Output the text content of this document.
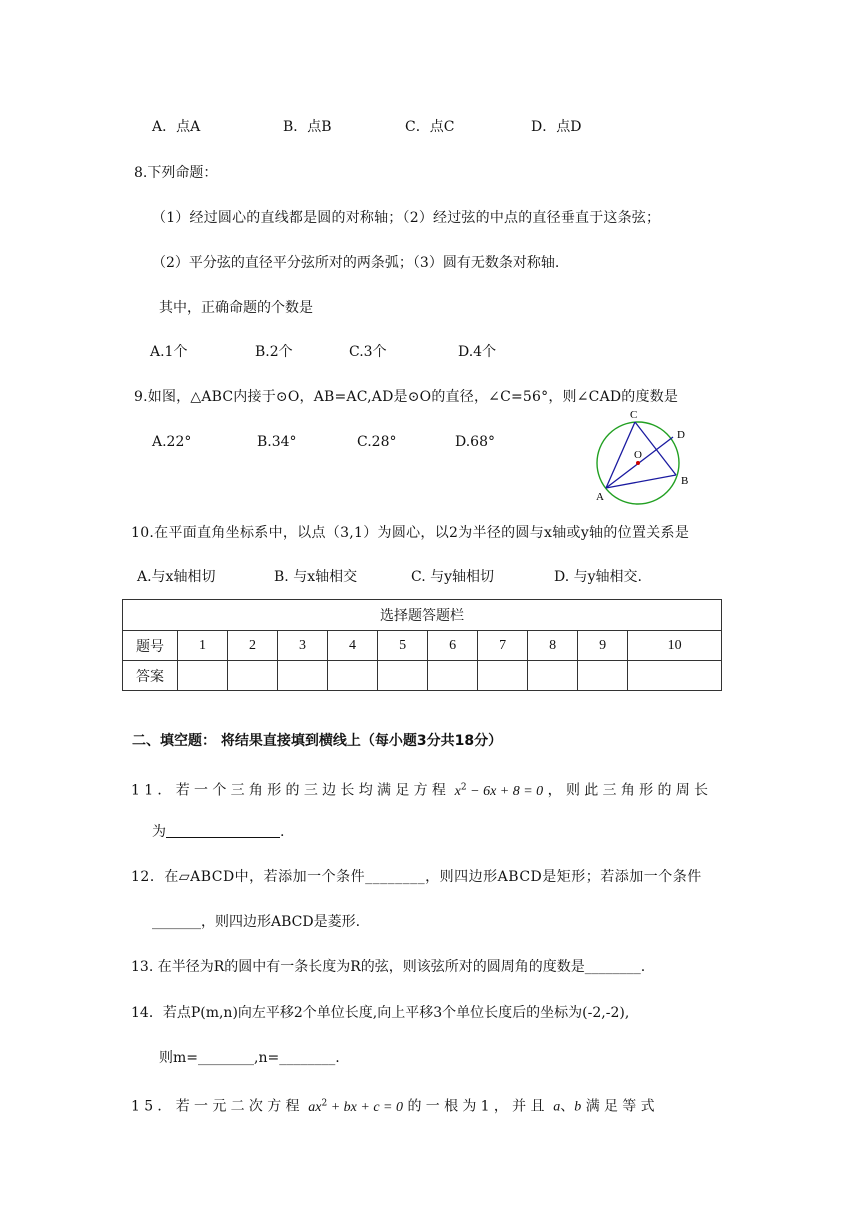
A．点A	B．点B	C．点C	D．点D
8.下列命题：
（1）经过圆心的直线都是圆的对称轴；（2）经过弦的中点的直径垂直于这条弦；
（2）平分弦的直径平分弦所对的两条弧；（3）圆有无数条对称轴.
其中，正确命题的个数是
A.1个	B.2个	C.3个	D.4个
9.如图，△ABC内接于⊙O，AB=AC,AD是⊙O的直径，∠C=56°，则∠CAD的度数是
A.22°	B.34°	C.28°	D.68°
C
D
O
A
B
10.在平面直角坐标系中，以点（3,1）为圆心，以2为半径的圆与x轴或y轴的位置关系是
A.与x轴相切	B. 与x轴相交	C. 与y轴相切	D. 与y轴相交.
选择题答题栏										
题号	1	2	3	4	5	6	7	8	9	10
答案										
二、填空题： 将结果直接填到横线上（每小题3分共18分）
11．若一个三角形的三边长均满足方程 $x^2 - 6x + 8 = 0$ ，则此三角形的周长
为	.
12．在▱ABCD中，若添加一个条件________，则四边形ABCD是矩形；若添加一个条件
_______，则四边形ABCD是菱形.
13. 在半径为R的圆中有一条长度为R的弦，则该弦所对的圆周角的度数是________.
14．若点P(m,n)向左平移2个单位长度,向上平移3个单位长度后的坐标为(-2,-2),
则m=________,n=________.
15．若一元二次方程 $ax^2$ + bx + c = 0 的一根为1，并且 a、b 满足等式
